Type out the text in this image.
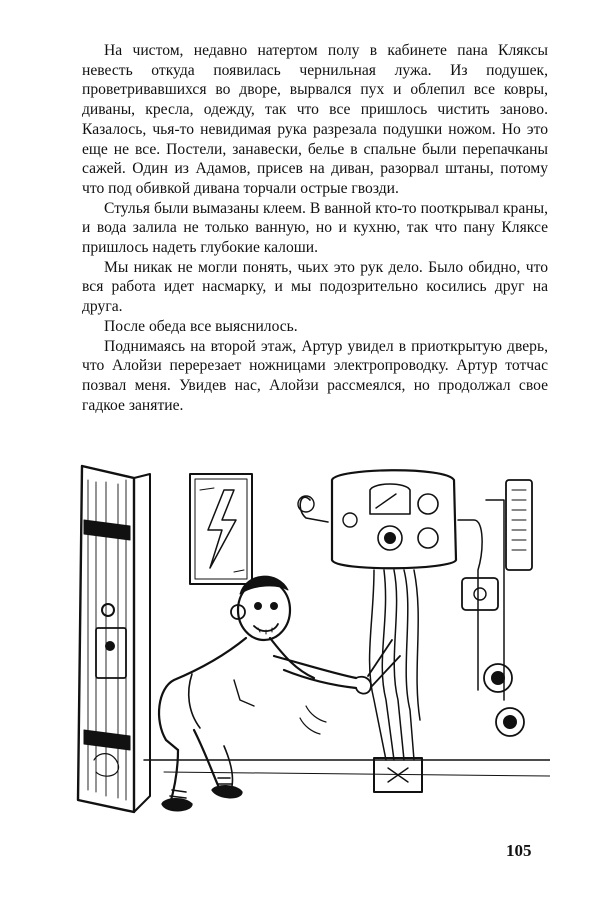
На чистом, недавно натертом полу в кабинете пана Кляксы невесть откуда появилась чернильная лужа. Из подушек, проветривавшихся во дворе, вырвался пух и облепил все ковры, диваны, кресла, одежду, так что все пришлось чистить заново. Казалось, чья-то невидимая рука разрезала подушки ножом. Но это еще не все. Постели, занавески, белье в спальне были перепачканы сажей. Один из Адамов, присев на диван, разорвал штаны, потому что под обивкой дивана торчали острые гвозди.

Стулья были вымазаны клеем. В ванной кто-то пооткрывал краны, и вода залила не только ванную, но и кухню, так что пану Кляксе пришлось надеть глубокие калоши.

Мы никак не могли понять, чьих это рук дело. Было обидно, что вся работа идет насмарку, и мы подозрительно косились друг на друга.

После обеда все выяснилось.

Поднимаясь на второй этаж, Артур увидел в приоткрытую дверь, что Алойзи перерезает ножницами электропроводку. Артур тотчас позвал меня. Увидев нас, Алойзи рассмеялся, но продолжал свое гадкое занятие.

105
